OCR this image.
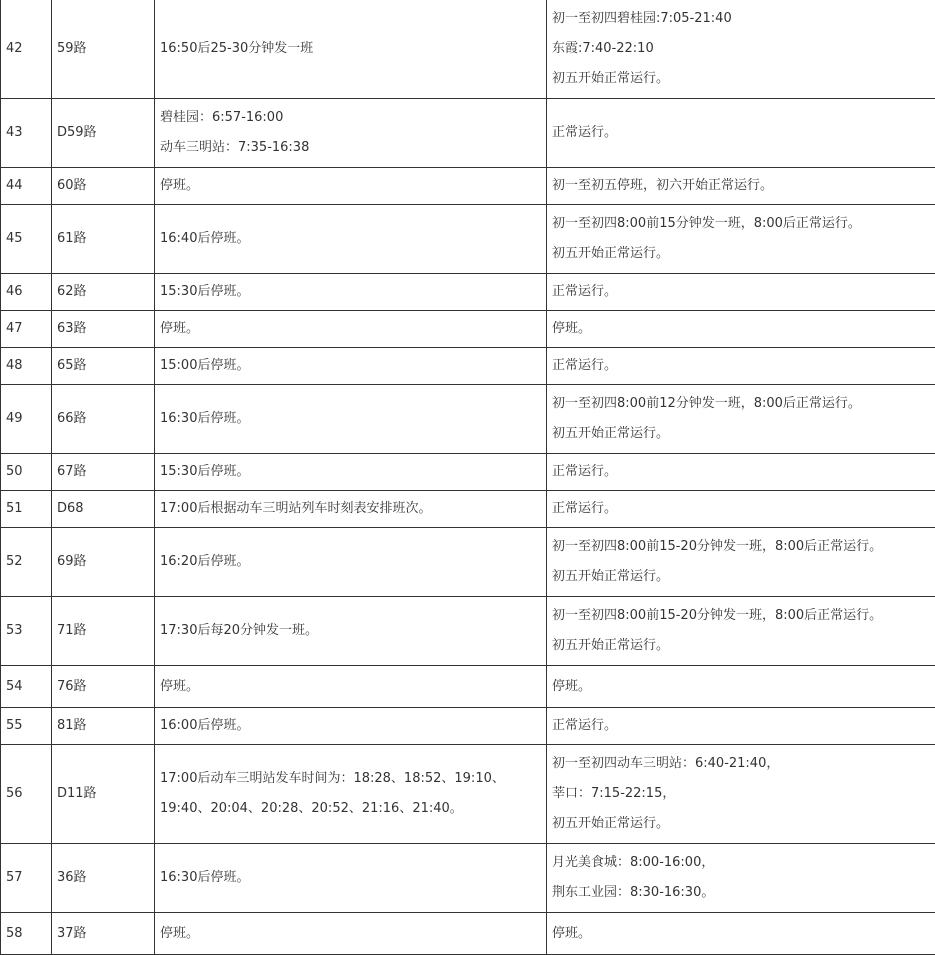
42	59路	16:50后25-30分钟发一班	初一至初四碧桂园:7:05-21:40
东霞:7:40-22:10
初五开始正常运行。

43	D59路	碧桂园：6:57-16:00
动车三明站：7:35-16:38	正常运行。
44	60路	停班。	初一至初五停班，初六开始正常运行。
45	61路	16:40后停班。	初一至初四8:00前15分钟发一班，8:00后正常运行。
初五开始正常运行。

46	62路	15:30后停班。	正常运行。
47	63路	停班。	停班。
48	65路	15:00后停班。	正常运行。
49	66路	16:30后停班。	初一至初四8:00前12分钟发一班，8:00后正常运行。
初五开始正常运行。

50	67路	15:30后停班。	正常运行。
51	D68	17:00后根据动车三明站列车时刻表安排班次。	正常运行。
52	69路	16:20后停班。	初一至初四8:00前15-20分钟发一班，8:00后正常运行。
初五开始正常运行。

53	71路	17:30后每20分钟发一班。	初一至初四8:00前15-20分钟发一班，8:00后正常运行。
初五开始正常运行。

54	76路	停班。	停班。
55	81路	16:00后停班。	正常运行。
56	D11路	17:00后动车三明站发车时间为：18:28、18:52、19:10、
19:40、20:04、20:28、20:52、21:16、21:40。	初一至初四动车三明站：6:40-21:40，
莘口：7:15-22:15，
初五开始正常运行。

57	36路	16:30后停班。	月光美食城：8:00-16:00，
荆东工业园：8:30-16:30。

58	37路	停班。	停班。
